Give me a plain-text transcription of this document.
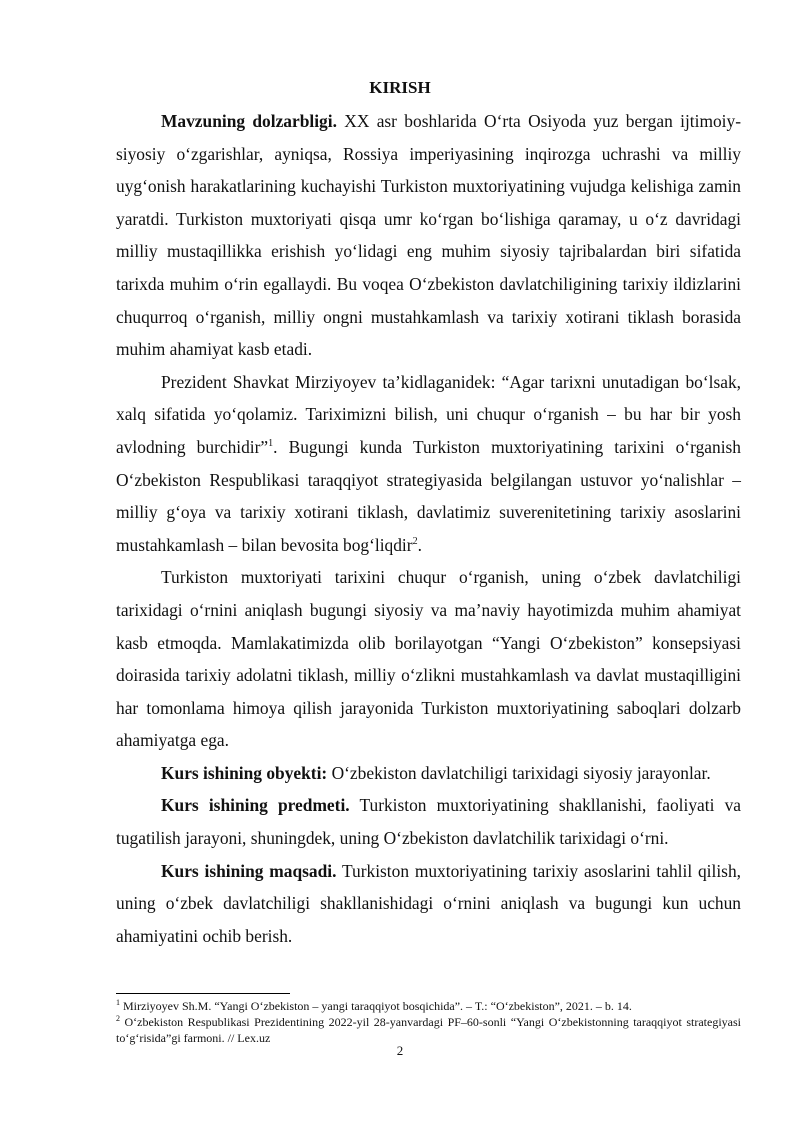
KIRISH

Mavzuning dolzarbligi. XX asr boshlarida O‘rta Osiyoda yuz bergan ijtimoiy-siyosiy o‘zgarishlar, ayniqsa, Rossiya imperiyasining inqirozga uchrashi va milliy uyg‘onish harakatlarining kuchayishi Turkiston muxtoriyatining vujudga kelishiga zamin yaratdi. Turkiston muxtoriyati qisqa umr ko‘rgan bo‘lishiga qaramay, u o‘z davridagi milliy mustaqillikka erishish yo‘lidagi eng muhim siyosiy tajribalardan biri sifatida tarixda muhim o‘rin egallaydi. Bu voqea O‘zbekiston davlatchiligining tarixiy ildizlarini chuqurroq o‘rganish, milliy ongni mustahkamlash va tarixiy xotirani tiklash borasida muhim ahamiyat kasb etadi.

Prezident Shavkat Mirziyoyev ta’kidlaganidek: “Agar tarixni unutadigan bo‘lsak, xalq sifatida yo‘qolamiz. Tariximizni bilish, uni chuqur o‘rganish – bu har bir yosh avlodning burchidir”$^1$. Bugungi kunda Turkiston muxtoriyatining tarixini o‘rganish O‘zbekiston Respublikasi taraqqiyot strategiyasida belgilangan ustuvor yo‘nalishlar – milliy g‘oya va tarixiy xotirani tiklash, davlatimiz suverenitetining tarixiy asoslarini mustahkamlash – bilan bevosita bog‘liqdir$^2$.

Turkiston muxtoriyati tarixini chuqur o‘rganish, uning o‘zbek davlatchiligi tarixidagi o‘rnini aniqlash bugungi siyosiy va ma’naviy hayotimizda muhim ahamiyat kasb etmoqda. Mamlakatimizda olib borilayotgan “Yangi O‘zbekiston” konsepsiyasi doirasida tarixiy adolatni tiklash, milliy o‘zlikni mustahkamlash va davlat mustaqilligini har tomonlama himoya qilish jarayonida Turkiston muxtoriyatining saboqlari dolzarb ahamiyatga ega.

Kurs ishining obyekti: O‘zbekiston davlatchiligi tarixidagi siyosiy jarayonlar.

Kurs ishining predmeti. Turkiston muxtoriyatining shakllanishi, faoliyati va tugatilish jarayoni, shuningdek, uning O‘zbekiston davlatchilik tarixidagi o‘rni.

Kurs ishining maqsadi. Turkiston muxtoriyatining tarixiy asoslarini tahlil qilish, uning o‘zbek davlatchiligi shakllanishidagi o‘rnini aniqlash va bugungi kun uchun ahamiyatini ochib berish.

$^1$ Mirziyoyev Sh.M. “Yangi O‘zbekiston – yangi taraqqiyot bosqichida”. – T.: “O‘zbekiston”, 2021. – b. 14.

$^2$ O‘zbekiston Respublikasi Prezidentining 2022-yil 28-yanvardagi PF–60-sonli “Yangi O‘zbekistonning taraqqiyot strategiyasi to‘g‘risida”gi farmoni. // Lex.uz

2
